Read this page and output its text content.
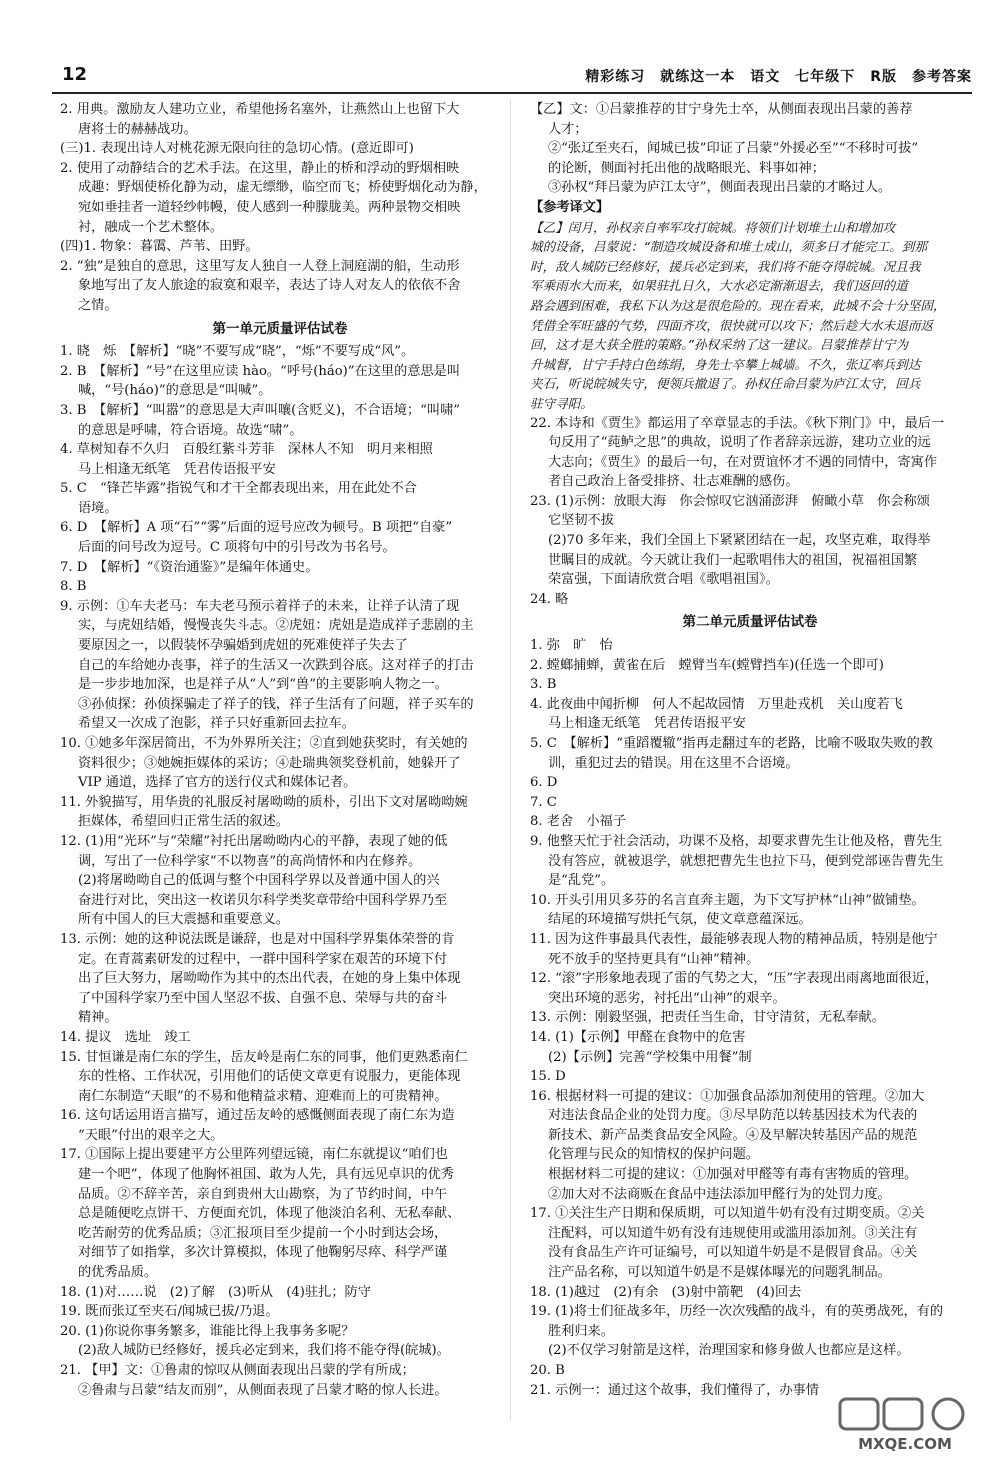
12	精彩练习　就练这一本　语文　七年级下　R版　参考答案

2. 用典。激励友人建功立业，希望他扬名塞外，让燕然山上也留下大

唐将士的赫赫战功。

(三)1. 表现出诗人对桃花源无限向往的急切心情。(意近即可)

2. 使用了动静结合的艺术手法。在这里，静止的桥和浮动的野烟相映

成趣：野烟使桥化静为动，虚无缥缈，临空而飞；桥使野烟化动为静，

宛如垂挂者一道轻纱帏幔，使人感到一种朦胧美。两种景物交相映

衬，融成一个艺术整体。

(四)1. 物象：暮霭、芦苇、田野。

2. “独”是独自的意思，这里写友人独自一人登上洞庭湖的船，生动形

象地写出了友人旅途的寂寞和艰辛，表达了诗人对友人的依依不舍

之情。

第一单元质量评估试卷

1. 晓　烁　【解析】“晓”不要写成“晓”，“烁”不要写成“风”。

2. B　【解析】“号”在这里应读 hào。“呼号(háo)”在这里的意思是叫

喊，“号(háo)”的意思是“叫喊”。

3. B　【解析】“叫嚣”的意思是大声叫嚷(含贬义)，不合语境；“叫啸”

的意思是呼啸，符合语境。故选“啸”。

4. 草树知春不久归　百般红紫斗芳菲　深林人不知　明月来相照

马上相逢无纸笔　凭君传语报平安

5. C　“锋芒毕露”指锐气和才干全都表现出来，用在此处不合

语境。

6. D　【解析】A 项“石”“雾”后面的逗号应改为顿号。B 项把“自豪”

后面的问号改为逗号。C 项将句中的引号改为书名号。

7. D　【解析】“《资治通鉴》”是编年体通史。

8. B

9. 示例：①车夫老马：车夫老马预示着祥子的未来，让祥子认清了现

实，与虎妞结婚，慢慢丧失斗志。②虎妞：虎妞是造成祥子悲剧的主

要原因之一，以假装怀孕骗婚到虎妞的死难使祥子失去了

自己的车给她办丧事，祥子的生活又一次跌到谷底。这对祥子的打击

是一步步地加深，也是祥子从“人”到“兽”的主要影响人物之一。

③孙侦探：孙侦探骗走了祥子的钱，祥子生活有了问题，祥子买车的

希望又一次成了泡影，祥子只好重新回去拉车。

10. ①她多年深居简出，不为外界所关注；②直到她获奖时，有关她的

资料很少；③她婉拒媒体的采访；④赴瑞典领奖登机前，她躲开了

VIP 通道，选择了官方的送行仪式和媒体记者。

11. 外貌描写，用华贵的礼服反衬屠呦呦的质朴，引出下文对屠呦呦婉

拒媒体，希望回归正常生活的叙述。

12. (1)用“光环”与“荣耀”衬托出屠呦呦内心的平静，表现了她的低

调，写出了一位科学家“不以物喜”的高尚情怀和内在修养。

(2)将屠呦呦自己的低调与整个中国科学界以及普通中国人的兴

奋进行对比，突出这一枚诺贝尔科学类奖章带给中国科学界乃至

所有中国人的巨大震撼和重要意义。

13. 示例：她的这种说法既是谦辞，也是对中国科学界集体荣誉的肯

定。在青蒿素研发的过程中，一群中国科学家在艰苦的环境下付

出了巨大努力，屠呦呦作为其中的杰出代表，在她的身上集中体现

了中国科学家乃至中国人坚忍不拔、自强不息、荣辱与共的奋斗

精神。

14. 提议　选址　竣工

15. 甘恒谦是南仁东的学生，岳友岭是南仁东的同事，他们更熟悉南仁

东的性格、工作状况，引用他们的话使文章更有说服力，更能体现

南仁东制造“天眼”的不易和他精益求精、迎难而上的可贵精神。

16. 这句话运用语言描写，通过岳友岭的感慨侧面表现了南仁东为造

“天眼”付出的艰辛之大。

17. ①国际上提出要建平方公里阵列望远镜，南仁东就提议“咱们也

建一个吧”，体现了他胸怀祖国、敢为人先，具有远见卓识的优秀

品质。②不辞辛苦，亲自到贵州大山勘察，为了节约时间，中午

总是随便吃点饼干、方便面充饥，体现了他淡泊名利、无私奉献、

吃苦耐劳的优秀品质；③汇报项目至少提前一个小时到达会场，

对细节了如指掌，多次计算模拟，体现了他鞠躬尽瘁、科学严谨

的优秀品质。

18. (1)对……说　(2)了解　(3)听从　(4)驻扎；防守

19. 既而张辽至夹石/闻城已拔/乃退。

20. (1)你说你事务繁多，谁能比得上我事务多呢？

(2)敌人城防已经修好，援兵必定到来，我们将不能夺得(皖城)。

21. 【甲】文：①鲁肃的惊叹从侧面表现出吕蒙的学有所成；

②鲁肃与吕蒙“结友而别”，从侧面表现了吕蒙才略的惊人长进。

【乙】文：①吕蒙推荐的甘宁身先士卒，从侧面表现出吕蒙的善荐

人才；

②“张辽至夹石，闻城已拔”印证了吕蒙“外援必至”“不移时可拔”

的论断，侧面衬托出他的战略眼光、料事如神；

③孙权“拜吕蒙为庐江太守”，侧面表现出吕蒙的才略过人。

【参考译文】

【乙】闰月，孙权亲自率军攻打皖城。将领们计划堆土山和增加攻

城的设备，吕蒙说：“制造攻城设备和堆土成山，须多日才能完工。到那

时，敌人城防已经修好，援兵必定到来，我们将不能夺得皖城。况且我

军乘雨水大而来，如果驻扎日久，大水必定渐渐退去，我们返回的道

路会遇到困难，我私下认为这是很危险的。现在看来，此城不会十分坚固，

凭借全军旺盛的气势，四面齐攻，很快就可以攻下；然后趁大水未退而返

回，这才是大获全胜的策略。”孙权采纳了这一建议。吕蒙推荐甘宁为

升城督，甘宁手持白色练绢，身先士卒攀上城墙。不久，张辽率兵到达

夹石，听说皖城失守，便领兵撤退了。孙权任命吕蒙为庐江太守，回兵

驻守寻阳。

22. 本诗和《贾生》都运用了卒章显志的手法。《秋下荆门》中，最后一

句反用了“莼鲈之思”的典故，说明了作者辞亲远游，建功立业的远

大志向；《贾生》的最后一句，在对贾谊怀才不遇的同情中，寄寓作

者自己政治上备受排挤、壮志难酬的感伤。

23. (1)示例：放眼大海　你会惊叹它汹涌澎湃　俯瞰小草　你会称颂

它坚韧不拔

(2)70 多年来，我们全国上下紧紧团结在一起，攻坚克难，取得举

世瞩目的成就。今天就让我们一起歌唱伟大的祖国，祝福祖国繁

荣富强，下面请欣赏合唱《歌唱祖国》。

24. 略

第二单元质量评估试卷

1. 弥　旷　怡

2. 螳螂捕蝉，黄雀在后　螳臂当车(螳臂挡车)(任选一个即可)

3. B

4. 此夜曲中闻折柳　何人不起故园情　万里赴戎机　关山度若飞

马上相逢无纸笔　凭君传语报平安

5. C　【解析】“重蹈覆辙”指再走翻过车的老路，比喻不吸取失败的教

训，重犯过去的错误。用在这里不合语境。

6. D

7. C

8. 老舍　小福子

9. 他整天忙于社会活动，功课不及格，却要求曹先生让他及格，曹先生

没有答应，就被退学，就想把曹先生也拉下马，便到党部诬告曹先生

是“乱党”。

10. 开头引用贝多芬的名言直奔主题，为下文写护林“山神”做铺垫。

结尾的环境描写烘托气氛，使文章意蕴深远。

11. 因为这件事最具代表性，最能够表现人物的精神品质，特别是他宁

死不放手的坚持更具有“山神”精神。

12. “滚”字形象地表现了雷的气势之大，“压”字表现出雨离地面很近，

突出环境的恶劣，衬托出“山神”的艰辛。

13. 示例：刚毅坚强，把责任当生命，甘守清贫，无私奉献。

14. (1)【示例】甲醛在食物中的危害

(2)【示例】完善“学校集中用餐”制

15. D

16. 根据材料一可提的建议：①加强食品添加剂使用的管理。②加大

对违法食品企业的处罚力度。③尽早防范以转基因技术为代表的

新技术、新产品类食品安全风险。④及早解决转基因产品的规范

化管理与民众的知情权的保护问题。

根据材料二可提的建议：①加强对甲醛等有毒有害物质的管理。

②加大对不法商贩在食品中违法添加甲醛行为的处罚力度。

17. ①关注生产日期和保质期，可以知道牛奶有没有过期变质。②关

注配料，可以知道牛奶有没有违规使用或滥用添加剂。③关注有

没有食品生产许可证编号，可以知道牛奶是不是假冒食品。④关

注产品名称，可以知道牛奶是不是媒体曝光的问题乳制品。

18. (1)越过　(2)有余　(3)射中箭靶　(4)回去

19. (1)将士们征战多年，历经一次次残酷的战斗，有的英勇战死，有的

胜利归来。

(2)不仅学习射箭是这样，治理国家和修身做人也都应是这样。

20. B

21. 示例一：通过这个故事，我们懂得了，办事情

MXQE.COM
